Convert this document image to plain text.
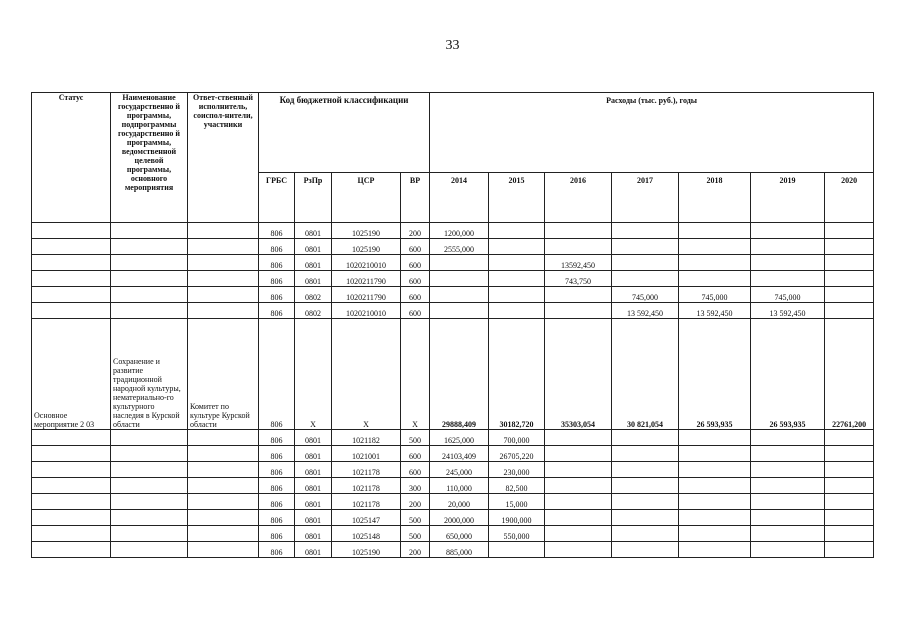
33
Статус	Наименование государственно й программы, подпрограммы государственно й программы, ведомственной целевой программы, основного мероприятия	Ответ-ственный исполнитель, соиспол-нители, участники	Код бюджетной классификации				Расходы (тыс. руб.), годы						
			ГРБС	РзПр	ЦСР	ВР	2014	2015	2016	2017	2018	2019	2020
			806	0801	1025190	200	1200,000						
			806	0801	1025190	600	2555,000						
			806	0801	1020210010	600			13592,450				
			806	0801	1020211790	600			743,750				
			806	0802	1020211790	600				745,000	745,000	745,000	
			806	0802	1020210010	600				13 592,450	13 592,450	13 592,450	
Основное мероприятие 2 03	Сохранение и развитие традиционной народной культуры, нематериально-го культурного наследия в Курской области	Комитет по культуре Курской области	806	X	X	X	29888,409	30182,720	35303,054	30 821,054	26 593,935	26 593,935	22761,200
			806	0801	1021182	500	1625,000	700,000					
			806	0801	1021001	600	24103,409	26705,220					
			806	0801	1021178	600	245,000	230,000					
			806	0801	1021178	300	110,000	82,500					
			806	0801	1021178	200	20,000	15,000					
			806	0801	1025147	500	2000,000	1900,000					
			806	0801	1025148	500	650,000	550,000					
			806	0801	1025190	200	885,000						
